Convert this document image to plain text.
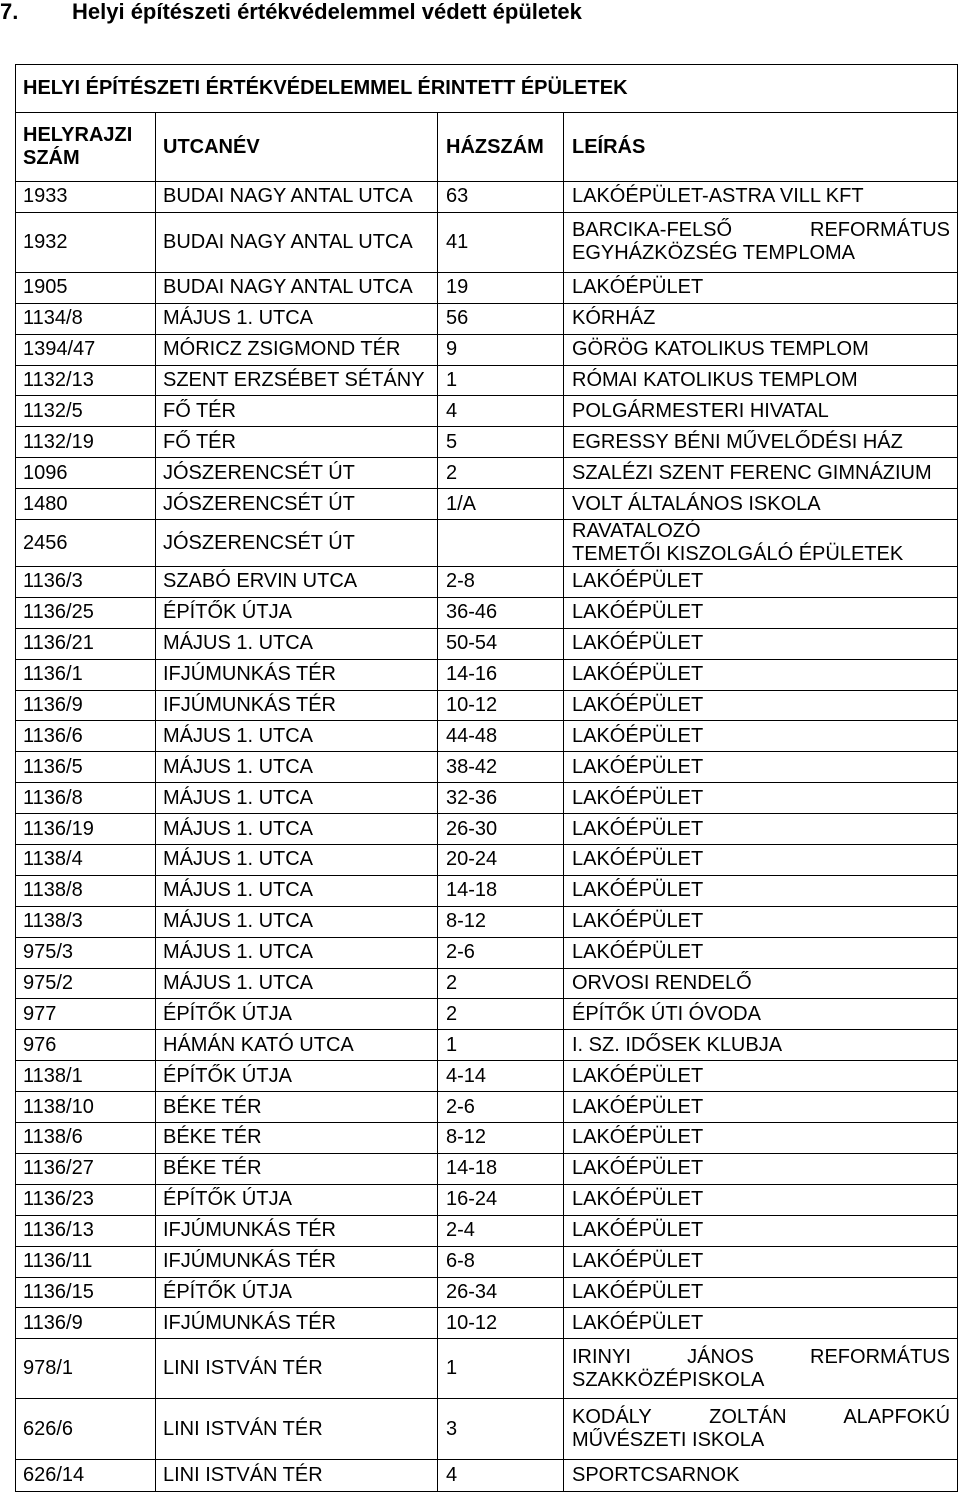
7. Helyi építészeti értékvédelemmel védett épületek
HELYI ÉPÍTÉSZETI ÉRTÉKVÉDELEMMEL ÉRINTETT ÉPÜLETEK			
HELYRAJZI SZÁM	UTCANÉV	HÁZSZÁM	LEÍRÁS
1933	BUDAI NAGY ANTAL UTCA	63	LAKÓÉPÜLET-ASTRA VILL KFT
1932	BUDAI NAGY ANTAL UTCA	41	BARCIKA-FELSŐ REFORMÁTUS EGYHÁZKÖZSÉG TEMPLOMA
1905	BUDAI NAGY ANTAL UTCA	19	LAKÓÉPÜLET
1134/8	MÁJUS 1. UTCA	56	KÓRHÁZ
1394/47	MÓRICZ ZSIGMOND TÉR	9	GÖRÖG KATOLIKUS TEMPLOM
1132/13	SZENT ERZSÉBET SÉTÁNY	1	RÓMAI KATOLIKUS TEMPLOM
1132/5	FŐ TÉR	4	POLGÁRMESTERI HIVATAL
1132/19	FŐ TÉR	5	EGRESSY BÉNI MŰVELŐDÉSI HÁZ
1096	JÓSZERENCSÉT ÚT	2	SZALÉZI SZENT FERENC GIMNÁZIUM
1480	JÓSZERENCSÉT ÚT	1/A	VOLT ÁLTALÁNOS ISKOLA
2456	JÓSZERENCSÉT ÚT		RAVATALOZÓ
TEMETŐI KISZOLGÁLÓ ÉPÜLETEK
1136/3	SZABÓ ERVIN UTCA	2-8	LAKÓÉPÜLET
1136/25	ÉPÍTŐK ÚTJA	36-46	LAKÓÉPÜLET
1136/21	MÁJUS 1. UTCA	50-54	LAKÓÉPÜLET
1136/1	IFJÚMUNKÁS TÉR	14-16	LAKÓÉPÜLET
1136/9	IFJÚMUNKÁS TÉR	10-12	LAKÓÉPÜLET
1136/6	MÁJUS 1. UTCA	44-48	LAKÓÉPÜLET
1136/5	MÁJUS 1. UTCA	38-42	LAKÓÉPÜLET
1136/8	MÁJUS 1. UTCA	32-36	LAKÓÉPÜLET
1136/19	MÁJUS 1. UTCA	26-30	LAKÓÉPÜLET
1138/4	MÁJUS 1. UTCA	20-24	LAKÓÉPÜLET
1138/8	MÁJUS 1. UTCA	14-18	LAKÓÉPÜLET
1138/3	MÁJUS 1. UTCA	8-12	LAKÓÉPÜLET
975/3	MÁJUS 1. UTCA	2-6	LAKÓÉPÜLET
975/2	MÁJUS 1. UTCA	2	ORVOSI RENDELŐ
977	ÉPÍTŐK ÚTJA	2	ÉPÍTŐK ÚTI ÓVODA
976	HÁMÁN KATÓ UTCA	1	I. SZ. IDŐSEK KLUBJA
1138/1	ÉPÍTŐK ÚTJA	4-14	LAKÓÉPÜLET
1138/10	BÉKE TÉR	2-6	LAKÓÉPÜLET
1138/6	BÉKE TÉR	8-12	LAKÓÉPÜLET
1136/27	BÉKE TÉR	14-18	LAKÓÉPÜLET
1136/23	ÉPÍTŐK ÚTJA	16-24	LAKÓÉPÜLET
1136/13	IFJÚMUNKÁS TÉR	2-4	LAKÓÉPÜLET
1136/11	IFJÚMUNKÁS TÉR	6-8	LAKÓÉPÜLET
1136/15	ÉPÍTŐK ÚTJA	26-34	LAKÓÉPÜLET
1136/9	IFJÚMUNKÁS TÉR	10-12	LAKÓÉPÜLET
978/1	LINI ISTVÁN TÉR	1	IRINYI JÁNOS REFORMÁTUS SZAKKÖZÉPISKOLA
626/6	LINI ISTVÁN TÉR	3	KODÁLY ZOLTÁN ALAPFOKÚ MŰVÉSZETI ISKOLA
626/14	LINI ISTVÁN TÉR	4	SPORTCSARNOK
